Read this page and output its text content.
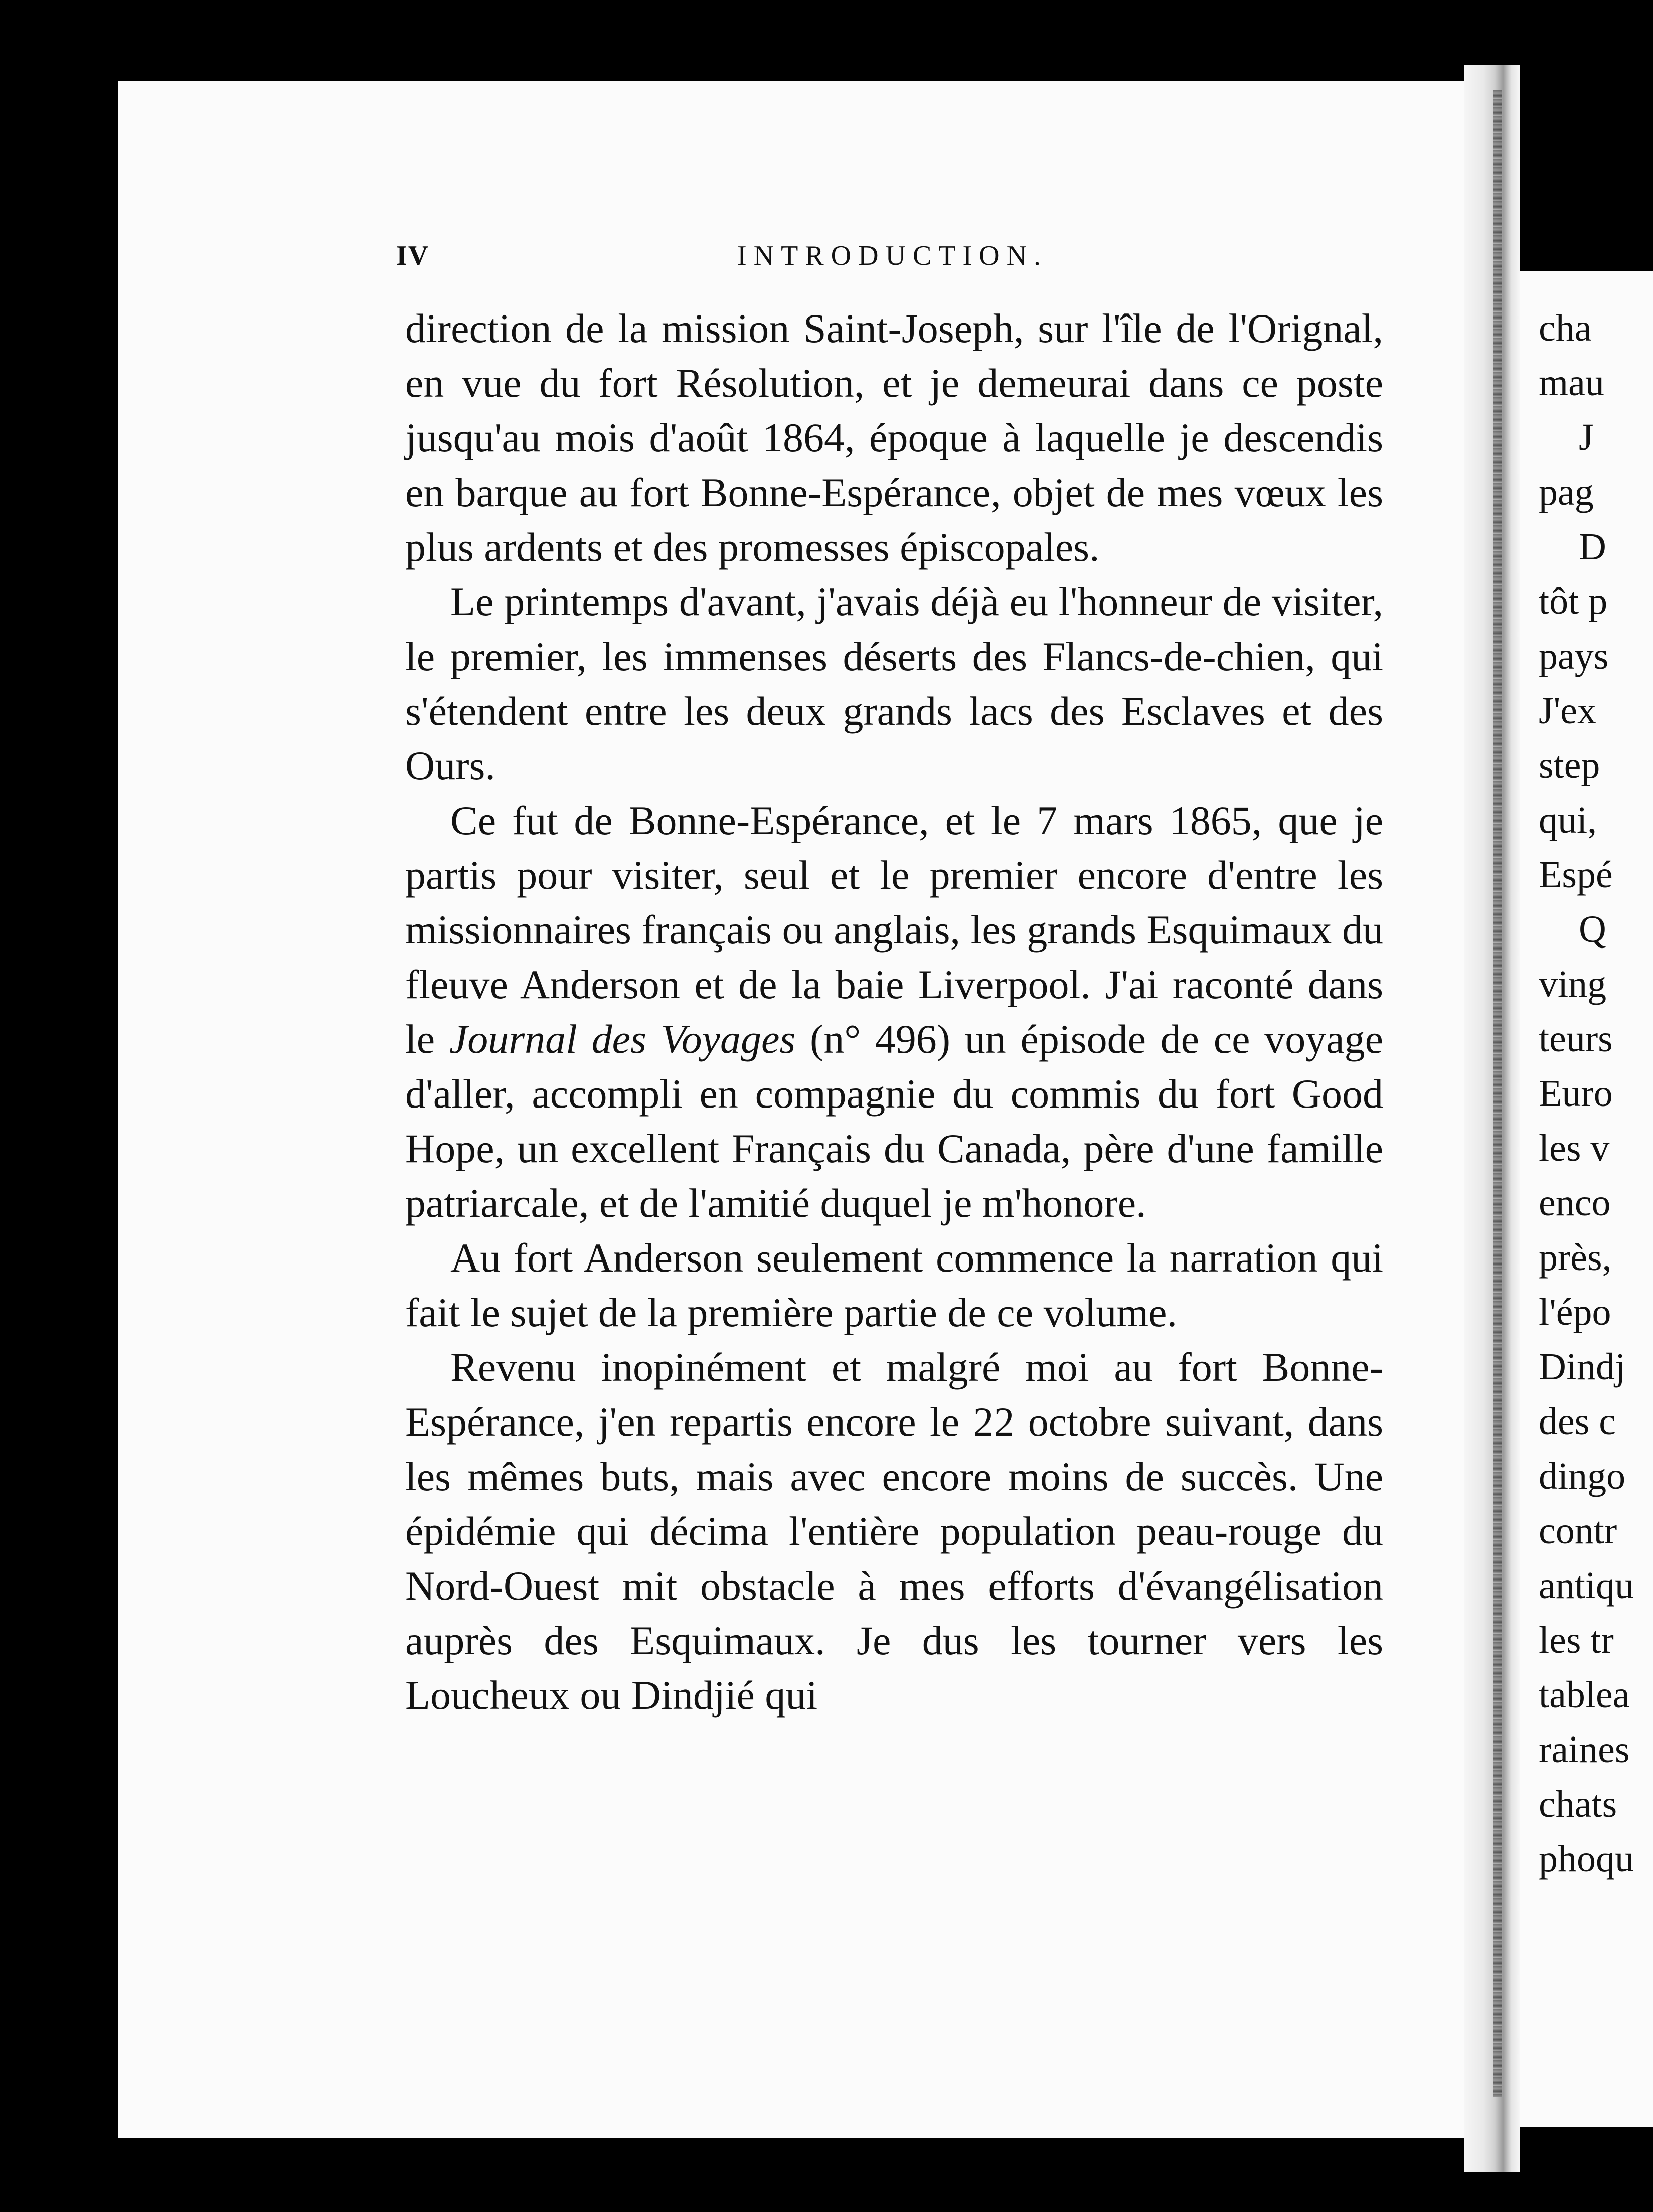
IV	INTRODUCTION.

direction de la mission Saint-Joseph, sur l'île de l'Orignal, en vue du fort Résolution, et je demeurai dans ce poste jusqu'au mois d'août 1864, époque à laquelle je descendis en barque au fort Bonne-Espérance, objet de mes vœux les plus ardents et des promesses épiscopales.

Le printemps d'avant, j'avais déjà eu l'honneur de visiter, le premier, les immenses déserts des Flancs-de-chien, qui s'étendent entre les deux grands lacs des Esclaves et des Ours.

Ce fut de Bonne-Espérance, et le 7 mars 1865, que je partis pour visiter, seul et le premier encore d'entre les missionnaires français ou anglais, les grands Esquimaux du fleuve Anderson et de la baie Liverpool. J'ai raconté dans le Journal des Voyages (n° 496) un épisode de ce voyage d'aller, accompli en compagnie du commis du fort Good Hope, un excellent Français du Canada, père d'une famille patriarcale, et de l'amitié duquel je m'honore.

Au fort Anderson seulement commence la narration qui fait le sujet de la première partie de ce volume.

Revenu inopinément et malgré moi au fort Bonne-Espérance, j'en repartis encore le 22 octobre suivant, dans les mêmes buts, mais avec encore moins de succès. Une épidémie qui décima l'entière population peau-rouge du Nord-Ouest mit obstacle à mes efforts d'évangélisation auprès des Esquimaux. Je dus les tourner vers les Loucheux ou Dindjié qui

cha
mau
J
pag
D
tôt p
pays
J'ex
step
qui,
Espé
Q
ving
teurs
Euro
les v
enco
près,
l'épo
Dindj
des c
dingo
contr
antiqu
les tr
tablea
raines
chats
phoqu
